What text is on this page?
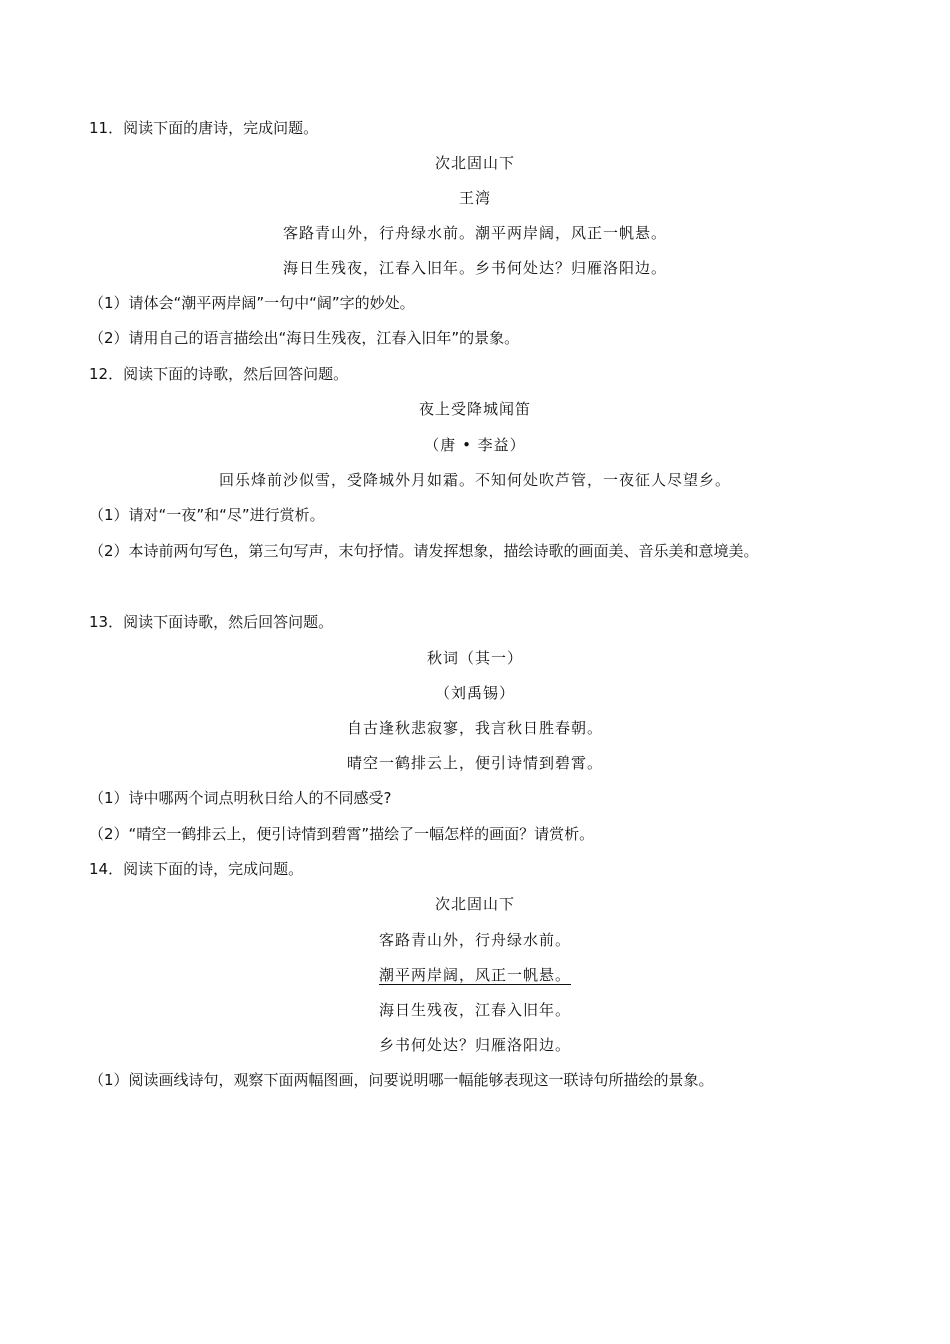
11．阅读下面的唐诗，完成问题。
次北固山下
王湾
客路青山外，行舟绿水前。潮平两岸阔，风正一帆悬。
海日生残夜，江春入旧年。乡书何处达？归雁洛阳边。
（1）请体会“潮平两岸阔”一句中“阔”字的妙处。
（2）请用自己的语言描绘出“海日生残夜，江春入旧年”的景象。
12．阅读下面的诗歌，然后回答问题。
夜上受降城闻笛
（唐 • 李益）
回乐烽前沙似雪，受降城外月如霜。不知何处吹芦管，一夜征人尽望乡。
（1）请对“一夜”和“尽”进行赏析。
（2）本诗前两句写色，第三句写声，末句抒情。请发挥想象，描绘诗歌的画面美、音乐美和意境美。
13．阅读下面诗歌，然后回答问题。
秋词（其一）
（刘禹锡）
自古逢秋悲寂寥，我言秋日胜春朝。
晴空一鹤排云上，便引诗情到碧霄。
（1）诗中哪两个词点明秋日给人的不同感受?
（2）“晴空一鹤排云上，便引诗情到碧霄”描绘了一幅怎样的画面？请赏析。
14．阅读下面的诗，完成问题。
次北固山下
客路青山外，行舟绿水前。
潮平两岸阔，风正一帆悬。
海日生残夜，江春入旧年。
乡书何处达？归雁洛阳边。
（1）阅读画线诗句，观察下面两幅图画，问要说明哪一幅能够表现这一联诗句所描绘的景象。
